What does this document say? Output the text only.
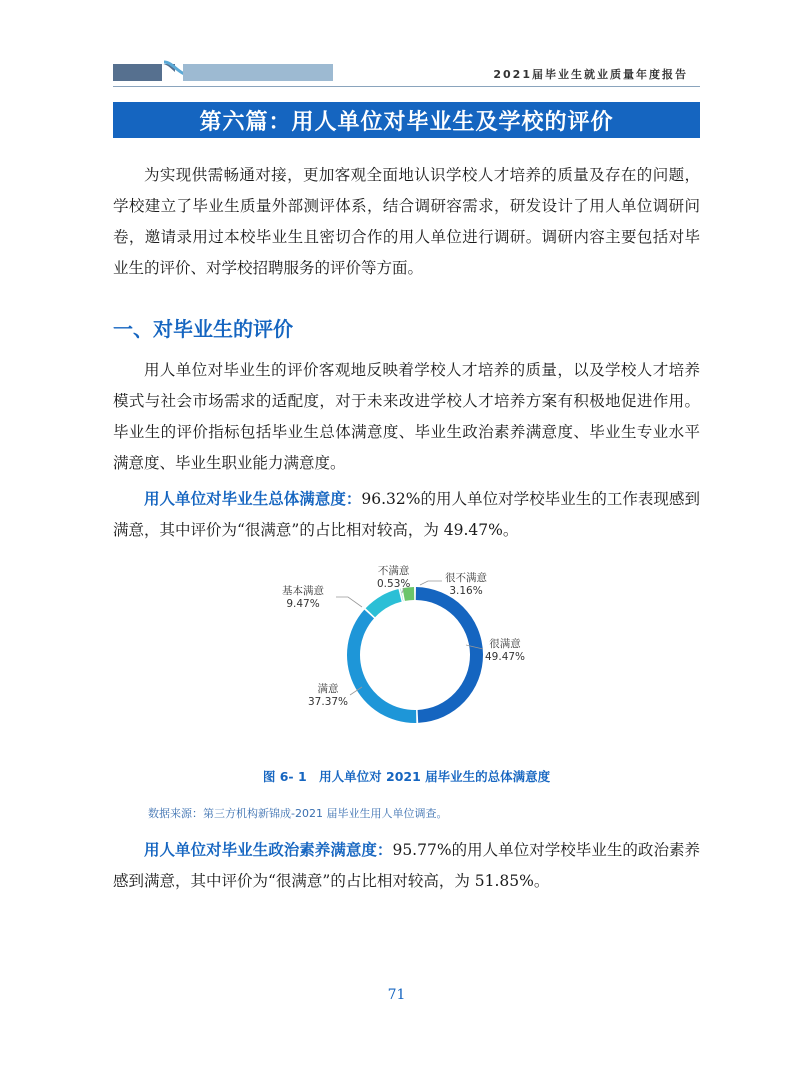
2021届毕业生就业质量年度报告
第六篇：用人单位对毕业生及学校的评价
为实现供需畅通对接，更加客观全面地认识学校人才培养的质量及存在的问题，学校建立了毕业生质量外部测评体系，结合调研容需求，研发设计了用人单位调研问卷，邀请录用过本校毕业生且密切合作的用人单位进行调研。调研内容主要包括对毕业生的评价、对学校招聘服务的评价等方面。
一、对毕业生的评价
用人单位对毕业生的评价客观地反映着学校人才培养的质量，以及学校人才培养模式与社会市场需求的适配度，对于未来改进学校人才培养方案有积极地促进作用。毕业生的评价指标包括毕业生总体满意度、毕业生政治素养满意度、毕业生专业水平满意度、毕业生职业能力满意度。
用人单位对毕业生总体满意度：96.32%的用人单位对学校毕业生的工作表现感到满意，其中评价为“很满意”的占比相对较高，为 49.47%。
很满意
49.47%
满意
37.37%
基本满意
9.47%
不满意
0.53%	很不满意
3.16%
图 6- 1　用人单位对 2021 届毕业生的总体满意度
数据来源：第三方机构新锦成-2021 届毕业生用人单位调查。
用人单位对毕业生政治素养满意度：95.77%的用人单位对学校毕业生的政治素养感到满意，其中评价为“很满意”的占比相对较高，为 51.85%。
71
